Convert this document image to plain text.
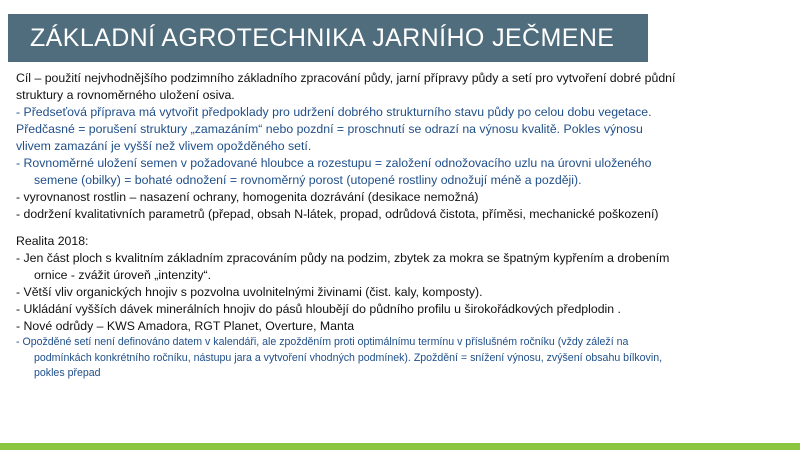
ZÁKLADNÍ AGROTECHNIKA JARNÍHO JEČMENE
Cíl – použití nejvhodnějšího podzimního základního zpracování půdy, jarní přípravy půdy a setí pro vytvoření dobré půdní
struktury a rovnoměrného uložení osiva.
- Předseťová příprava má vytvořit předpoklady pro udržení dobrého strukturního stavu půdy po celou dobu vegetace.
Předčasné = porušení struktury „zamazáním“ nebo pozdní = proschnutí se odrazí na výnosu kvalitě. Pokles výnosu
vlivem zamazání je vyšší než vlivem opožděného setí.
- Rovnoměrné uložení semen v požadované hloubce a rozestupu = založení odnožovacího uzlu na úrovni uloženého
semene (obilky) = bohaté odnožení = rovnoměrný porost (utopené rostliny odnožují méně a později).
- vyrovnanost rostlin – nasazení ochrany, homogenita dozrávání (desikace nemožná)
- dodržení kvalitativních parametrů (přepad, obsah N-látek, propad, odrůdová čistota, příměsi, mechanické poškození)
Realita 2018:
- Jen část ploch s kvalitním základním zpracováním půdy na podzim, zbytek za mokra se špatným kypřením a drobením
ornice - zvážit úroveň „intenzity“.
- Větší vliv organických hnojiv s pozvolna uvolnitelnými živinami (čist. kaly, komposty).
- Ukládání vyšších dávek minerálních hnojiv do pásů hloubějí do půdního profilu u širokořádkových předplodin .
- Nové odrůdy – KWS Amadora, RGT Planet, Overture, Manta
- Opožděné setí není definováno datem v kalendáři, ale zpožděním proti optimálnímu termínu v příslušném ročníku (vždy záleží na
podmínkách konkrétního ročníku, nástupu jara a vytvoření vhodných podmínek). Zpoždění = snížení výnosu, zvýšení obsahu bílkovin,
pokles přepad
